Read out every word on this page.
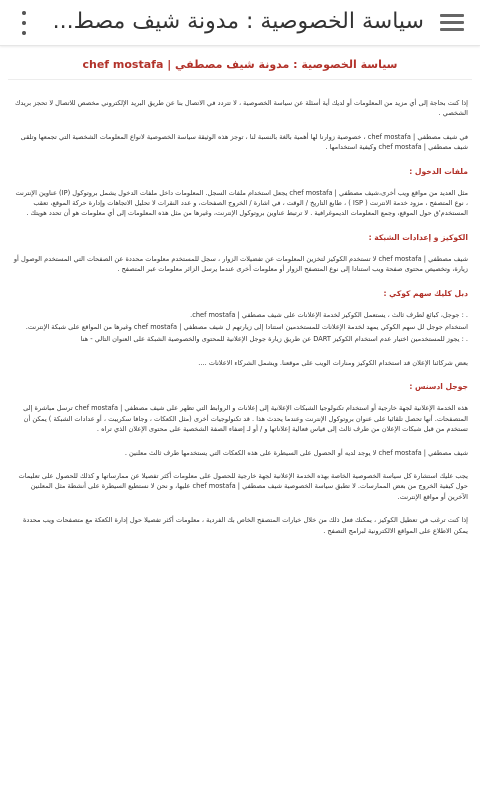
سياسة الخصوصية : مدونة شيف مصط...
سياسة الخصوصية : مدونة شيف مصطفي | chef mostafa

إذا كنت بحاجة إلى أي مزيد من المعلومات أو لديك أية أسئلة عن سياسة الخصوصية ، لا تتردد في الاتصال بنا عن طريق البريد الإلكتروني مخصص للاتصال لا تحجز بريدك الشخصي .

في شيف مصطفي | chef mostafa ، خصوصية زوارنا لها أهمية بالغة بالنسبة لنا ، توجز هذه الوثيقة سياسة الخصوصية لانواع المعلومات الشخصية التي تجمعها وتلقى شيف مصطفي | chef mostafa وكيفية استخدامها .

ملفات الدخول :

مثل العديد من مواقع ويب أخرى،شيف مصطفي | chef mostafa يجعل استخدام ملفات السجل. المعلومات داخل ملفات الدخول يشمل بروتوكول (IP) عناوين الإنترنت ، نوع المتصفح ، مزود خدمة الانترنت ( ISP ) ، طابع التاريخ / الوقت ، في اشارة / الخروج الصفحات، و عدد النقرات لا تحليل الاتجاهات وإدارة حركة الموقع، تعقب المستخدم'ق حول الموقع، وجمع المعلومات الديموغرافية . لا ترتبط عناوين بروتوكول الإنترنت، وغيرها من مثل هذه المعلومات إلى أي معلومات هو أن تحدد هويتك .

الكوكيز و إعدادات الشبكة :

شيف مصطفي | chef mostafa لا تستخدم الكوكيز لتخزين المعلومات عن تفضيلات الزوار ، سجل للمستخدم معلومات محددة عن الصفحات التي المستخدم الوصول أو زيارة، وتخصيص محتوى صفحة ويب استنادا إلى نوع المتصفح الزوار أو معلومات أخرى عندما يرسل الزائر معلومات عبر المتصفح .

دبل كليك سهم كوكي :

. : جوجل، كبائع لطرف ثالث ، يستعمل الكوكيز لخدمة الإعلانات على شيف مصطفي | chef mostafa.

استخدام جوجل لل سهم الكوكي يمهد لخدمة الإعلانات للمستخدمين استنادا إلى زيارتهم ل شيف مصطفي | chef mostafa وغيرها من المواقع على شبكة الإنترنت.

. : يجوز للمستخدمين اختيار عدم استخدام الكوكيز DART عن طريق زيارة جوجل الإعلانية للمحتوى والخصوصية الشبكة على العنوان التالي - هنا

بعض شركائنا الإعلان قد استخدام الكوكيز ومنارات الويب على موقعنا. ويشمل الشركاء الاعلانات ....

جوجل ادسنس :

هذه الخدمة الإعلانية لجهة خارجية أو استخدام تكنولوجيا الشبكات الإعلانية إلى إعلانات و الروابط التي تظهر على شيف مصطفي | chef mostafa ترسل مباشرة إلى المتصفحات. أنها تحصل تلقائيا على عنوان بروتوكول الإنترنت وعندما يحدث هذا . قد تكنولوجيات أخرى (مثل الكعكات ، وجافا سكريبت ، أو عدادات الشبكة ) يمكن أن تستخدم من قبل شبكات الإعلان من طرف ثالث إلى قياس فعالية إعلاناتها و / أو لـ إضفاء الصفة الشخصية على محتوى الإعلان الذي تراه .

شيف مصطفي | chef mostafa لا يوجد لديه أو الحصول على السيطرة على هذه الكعكات التي يستخدمها طرف ثالث معلنين .

يجب عليك استشارة كل سياسة الخصوصية الخاصة بهذه الخدمة الإعلانية لجهة خارجية للحصول على معلومات أكثر تفصيلا عن ممارساتها و كذلك للحصول على تعليمات حول كيفية الخروج من بعض الممارسات. لا تطبق سياسة الخصوصية شيف مصطفي | chef mostafa عليها، و نحن لا نستطيع السيطرة على أنشطة مثل المعلنين الآخرين أو مواقع الإنترنت.

إذا كنت ترغب في تعطيل الكوكيز ، يمكنك فعل ذلك من خلال خيارات المتصفح الخاص بك الفردية ، معلومات أكثر تفصيلا حول إدارة الكعكة مع متصفحات ويب محددة يمكن الاطلاع على المواقع الالكترونية لبرامج التصفح .
